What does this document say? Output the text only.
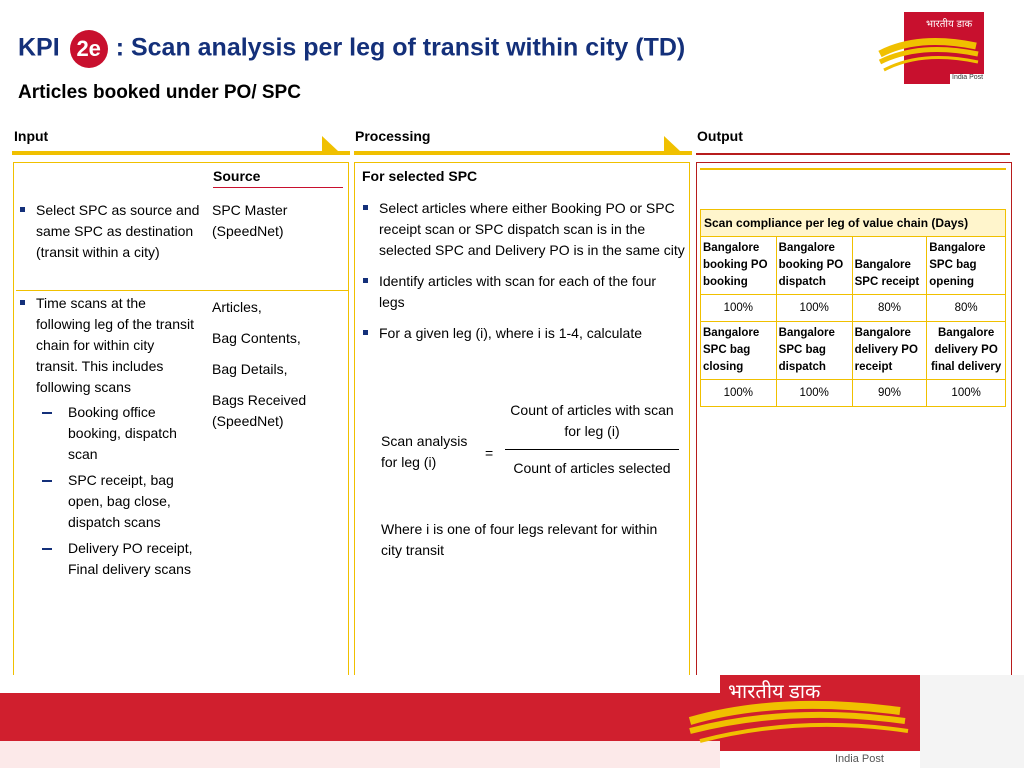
KPI 2e : Scan analysis per leg of transit within city (TD)
Articles booked under PO/ SPC
भारतीय डाक
India Post
Input	Processing	Output
Source
Select SPC as source and same SPC as destination (transit within a city)
Time scans at the following leg of the transit chain for within city transit. This includes following scans
Booking office booking, dispatch scan
SPC receipt, bag open, bag close, dispatch scans
Delivery PO receipt, Final delivery scans
SPC Master (SpeedNet)
Articles,
Bag Contents,
Bag Details,
Bags Received (SpeedNet)
For selected SPC
Select articles where either Booking PO or SPC receipt scan or SPC dispatch scan is in the selected SPC and Delivery PO is in the same city
Identify articles with scan for each of the four legs
For a given leg (i), where i is 1-4, calculate
Scan analysis for leg (i)
=
Count of articles with scan for leg (i)
Count of articles selected
Where i is one of four legs relevant for within city transit
Scan compliance per leg of value chain (Days)			
Bangalore booking PO booking	Bangalore booking PO dispatch	Bangalore SPC receipt	Bangalore SPC bag opening
100%	100%	80%	80%
Bangalore SPC bag closing	Bangalore SPC bag dispatch	Bangalore delivery PO receipt	Bangalore delivery PO final delivery
100%	100%	90%	100%
भारतीय डाक
India Post
